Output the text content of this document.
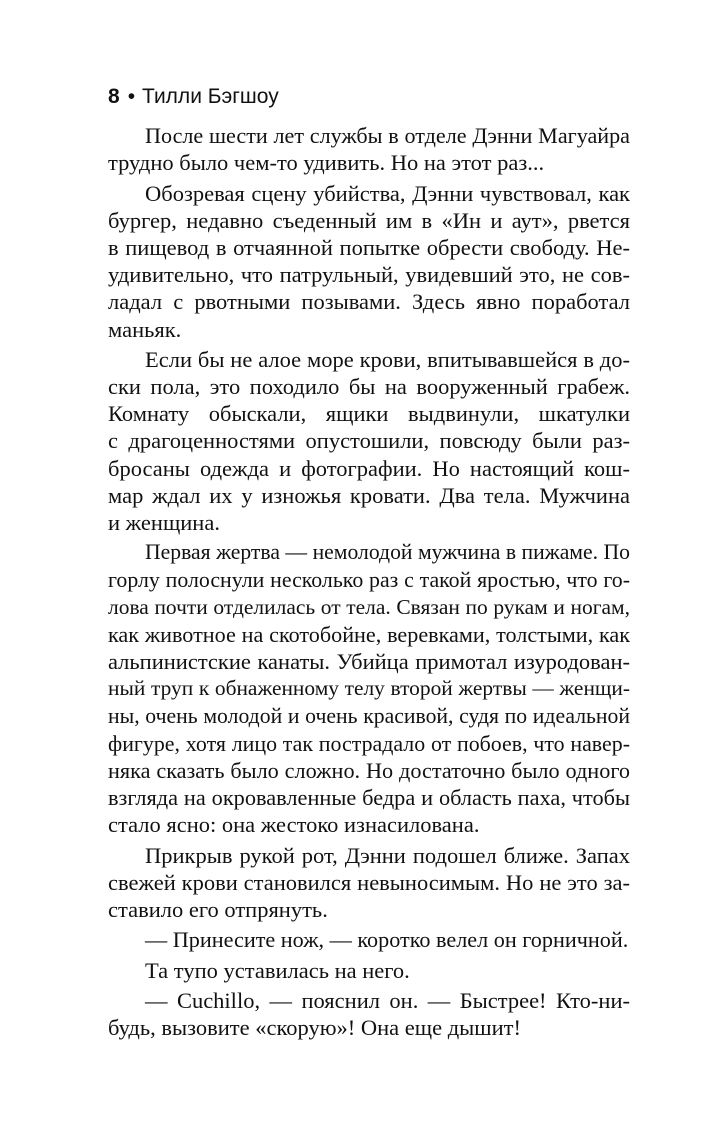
8 • Тилли Бэгшоу
После шести лет службы в отделе Дэнни Магуайра
трудно было чем-то удивить. Но на этот раз...
Обозревая сцену убийства, Дэнни чувствовал, как
бургер, недавно съеденный им в «Ин и аут», рвется
в пищевод в отчаянной попытке обрести свободу. Не-
удивительно, что патрульный, увидевший это, не сов-
ладал с рвотными позывами. Здесь явно поработал
маньяк.
Если бы не алое море крови, впитывавшейся в до-
ски пола, это походило бы на вооруженный грабеж.
Комнату обыскали, ящики выдвинули, шкатулки
с драгоценностями опустошили, повсюду были раз-
бросаны одежда и фотографии. Но настоящий кош-
мар ждал их у изножья кровати. Два тела. Мужчина
и женщина.
Первая жертва — немолодой мужчина в пижаме. По
горлу полоснули несколько раз с такой яростью, что го-
лова почти отделилась от тела. Связан по рукам и ногам,
как животное на скотобойне, веревками, толстыми, как
альпинистские канаты. Убийца примотал изуродован-
ный труп к обнаженному телу второй жертвы — женщи-
ны, очень молодой и очень красивой, судя по идеальной
фигуре, хотя лицо так пострадало от побоев, что навер-
няка сказать было сложно. Но достаточно было одного
взгляда на окровавленные бедра и область паха, чтобы
стало ясно: она жестоко изнасилована.
Прикрыв рукой рот, Дэнни подошел ближе. Запах
свежей крови становился невыносимым. Но не это за-
ставило его отпрянуть.
— Принесите нож, — коротко велел он горничной.
Та тупо уставилась на него.
— Cuchillo, — пояснил он. — Быстрее! Кто-ни-
будь, вызовите «скорую»! Она еще дышит!
